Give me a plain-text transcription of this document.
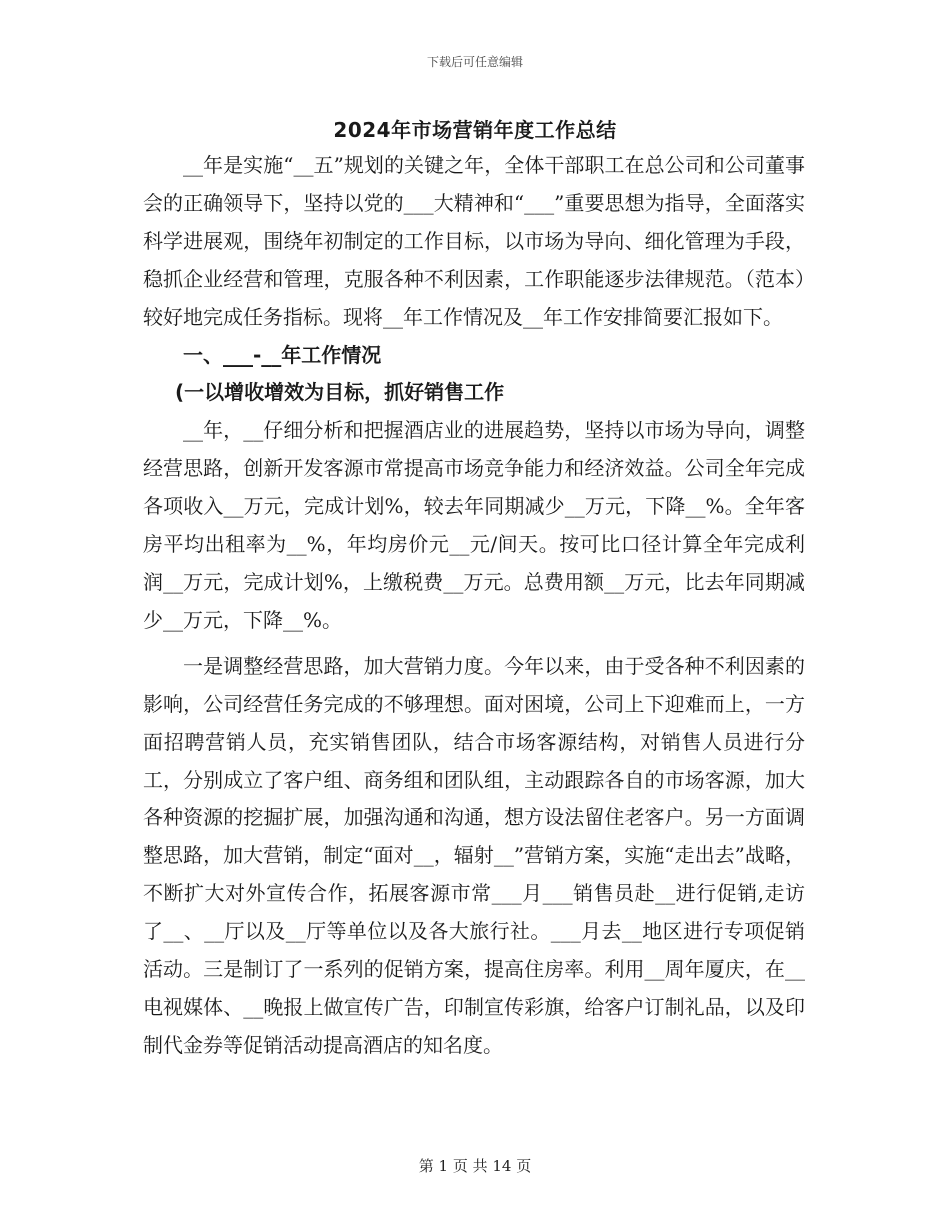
下载后可任意编辑
2024年市场营销年度工作总结

__年是实施“__五”规划的关键之年，全体干部职工在总公司和公司董事会的正确领导下，坚持以党的___大精神和“___”重要思想为指导，全面落实科学进展观，围绕年初制定的工作目标，以市场为导向、细化管理为手段，稳抓企业经营和管理，克服各种不利因素，工作职能逐步法律规范。（范本）较好地完成任务指标。现将__年工作情况及__年工作安排简要汇报如下。

一、___-__年工作情况

(一以增收增效为目标，抓好销售工作

__年，__仔细分析和把握酒店业的进展趋势，坚持以市场为导向，调整经营思路，创新开发客源市常提高市场竞争能力和经济效益。公司全年完成各项收入__万元，完成计划%，较去年同期减少__万元，下降__%。全年客房平均出租率为__%，年均房价元__元/间天。按可比口径计算全年完成利润__万元，完成计划%，上缴税费__万元。总费用额__万元，比去年同期减少__万元，下降__%。

一是调整经营思路，加大营销力度。今年以来，由于受各种不利因素的影响，公司经营任务完成的不够理想。面对困境，公司上下迎难而上，一方面招聘营销人员，充实销售团队，结合市场客源结构，对销售人员进行分工，分别成立了客户组、商务组和团队组，主动跟踪各自的市场客源，加大各种资源的挖掘扩展，加强沟通和沟通，想方设法留住老客户。另一方面调整思路，加大营销，制定“面对__，辐射__”营销方案，实施“走出去”战略，不断扩大对外宣传合作，拓展客源市常___月___销售员赴__进行促销,走访了__、__厅以及__厅等单位以及各大旅行社。___月去__地区进行专项促销活动。三是制订了一系列的促销方案，提高住房率。利用__周年厦庆，在__电视媒体、__晚报上做宣传广告，印制宣传彩旗，给客户订制礼品，以及印制代金券等促销活动提高酒店的知名度。

第 1 页 共 14 页
